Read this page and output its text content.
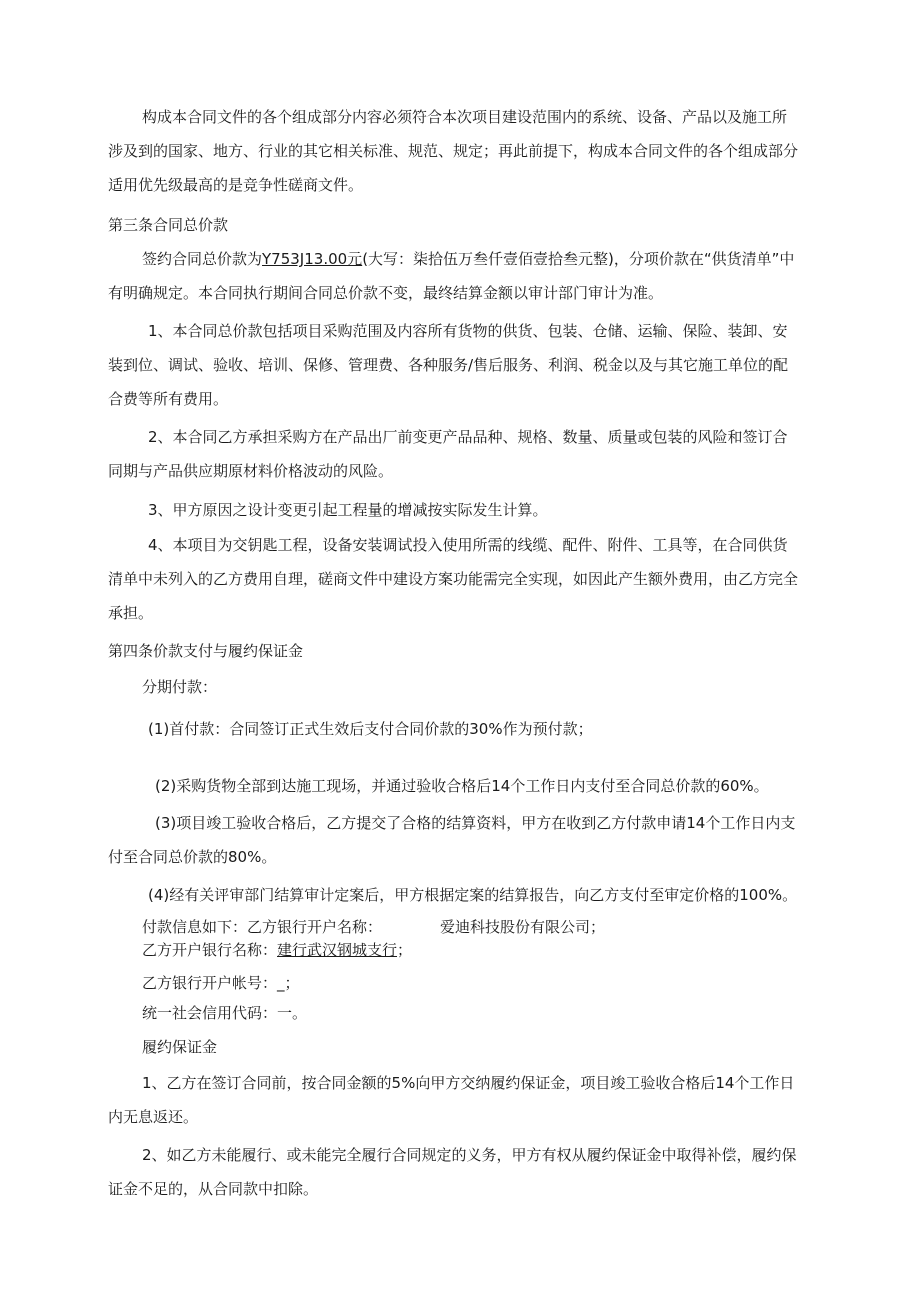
构成本合同文件的各个组成部分内容必须符合本次项目建设范围内的系统、设备、产品以及施工所涉及到的国家、地方、行业的其它相关标准、规范、规定；再此前提下，构成本合同文件的各个组成部分适用优先级最高的是竞争性磋商文件。

第三条合同总价款

签约合同总价款为Y753J13.00元(大写：柒拾伍万叁仟壹佰壹拾叁元整)，分项价款在“供货清单”中有明确规定。本合同执行期间合同总价款不变，最终结算金额以审计部门审计为准。

1、本合同总价款包括项目采购范围及内容所有货物的供货、包装、仓储、运输、保险、装卸、安装到位、调试、验收、培训、保修、管理费、各种服务/售后服务、利润、税金以及与其它施工单位的配合费等所有费用。

2、本合同乙方承担采购方在产品出厂前变更产品品种、规格、数量、质量或包装的风险和签订合同期与产品供应期原材料价格波动的风险。

3、甲方原因之设计变更引起工程量的增减按实际发生计算。

4、本项目为交钥匙工程，设备安装调试投入使用所需的线缆、配件、附件、工具等，在合同供货清单中未列入的乙方费用自理，磋商文件中建设方案功能需完全实现，如因此产生额外费用，由乙方完全承担。

第四条价款支付与履约保证金

分期付款：

(1)首付款：合同签订正式生效后支付合同价款的30%作为预付款；

(2)采购货物全部到达施工现场，并通过验收合格后14个工作日内支付至合同总价款的60%。

(3)项目竣工验收合格后，乙方提交了合格的结算资料，甲方在收到乙方付款申请14个工作日内支付至合同总价款的80%。

(4)经有关评审部门结算审计定案后，甲方根据定案的结算报告，向乙方支付至审定价格的100%。

付款信息如下：乙方银行开户名称：	爱迪科技股份有限公司；

乙方开户银行名称：建行武汉钢城支行；

乙方银行开户帐号：_；

统一社会信用代码：一。

履约保证金

1、乙方在签订合同前，按合同金额的5%向甲方交纳履约保证金，项目竣工验收合格后14个工作日内无息返还。

2、如乙方未能履行、或未能完全履行合同规定的义务，甲方有权从履约保证金中取得补偿，履约保证金不足的，从合同款中扣除。
